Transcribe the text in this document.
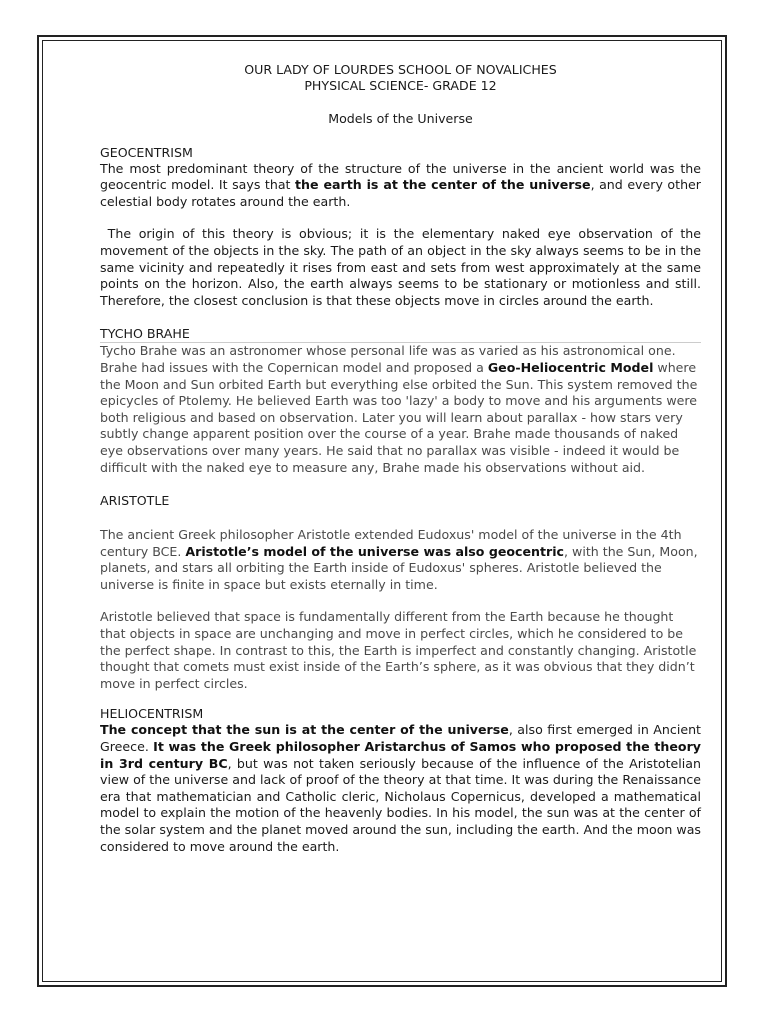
OUR LADY OF LOURDES SCHOOL OF NOVALICHES

PHYSICAL SCIENCE- GRADE 12

Models of the Universe

GEOCENTRISM

The most predominant theory of the structure of the universe in the ancient world was the geocentric model. It says that the earth is at the center of the universe, and every other celestial body rotates around the earth.

The origin of this theory is obvious; it is the elementary naked eye observation of the movement of the objects in the sky. The path of an object in the sky always seems to be in the same vicinity and repeatedly it rises from east and sets from west approximately at the same points on the horizon. Also, the earth always seems to be stationary or motionless and still. Therefore, the closest conclusion is that these objects move in circles around the earth.

TYCHO BRAHE

Tycho Brahe was an astronomer whose personal life was as varied as his astronomical one. Brahe had issues with the Copernican model and proposed a Geo-Heliocentric Model where the Moon and Sun orbited Earth but everything else orbited the Sun. This system removed the epicycles of Ptolemy. He believed Earth was too 'lazy' a body to move and his arguments were both religious and based on observation. Later you will learn about parallax - how stars very subtly change apparent position over the course of a year. Brahe made thousands of naked eye observations over many years. He said that no parallax was visible - indeed it would be difficult with the naked eye to measure any, Brahe made his observations without aid.

ARISTOTLE

The ancient Greek philosopher Aristotle extended Eudoxus' model of the universe in the 4th century BCE. Aristotle’s model of the universe was also geocentric, with the Sun, Moon, planets, and stars all orbiting the Earth inside of Eudoxus' spheres. Aristotle believed the universe is finite in space but exists eternally in time.

Aristotle believed that space is fundamentally different from the Earth because he thought that objects in space are unchanging and move in perfect circles, which he considered to be the perfect shape. In contrast to this, the Earth is imperfect and constantly changing. Aristotle thought that comets must exist inside of the Earth’s sphere, as it was obvious that they didn’t move in perfect circles.

HELIOCENTRISM

The concept that the sun is at the center of the universe, also first emerged in Ancient Greece. It was the Greek philosopher Aristarchus of Samos who proposed the theory in 3rd century BC, but was not taken seriously because of the influence of the Aristotelian view of the universe and lack of proof of the theory at that time. It was during the Renaissance era that mathematician and Catholic cleric, Nicholaus Copernicus, developed a mathematical model to explain the motion of the heavenly bodies. In his model, the sun was at the center of the solar system and the planet moved around the sun, including the earth. And the moon was considered to move around the earth.
